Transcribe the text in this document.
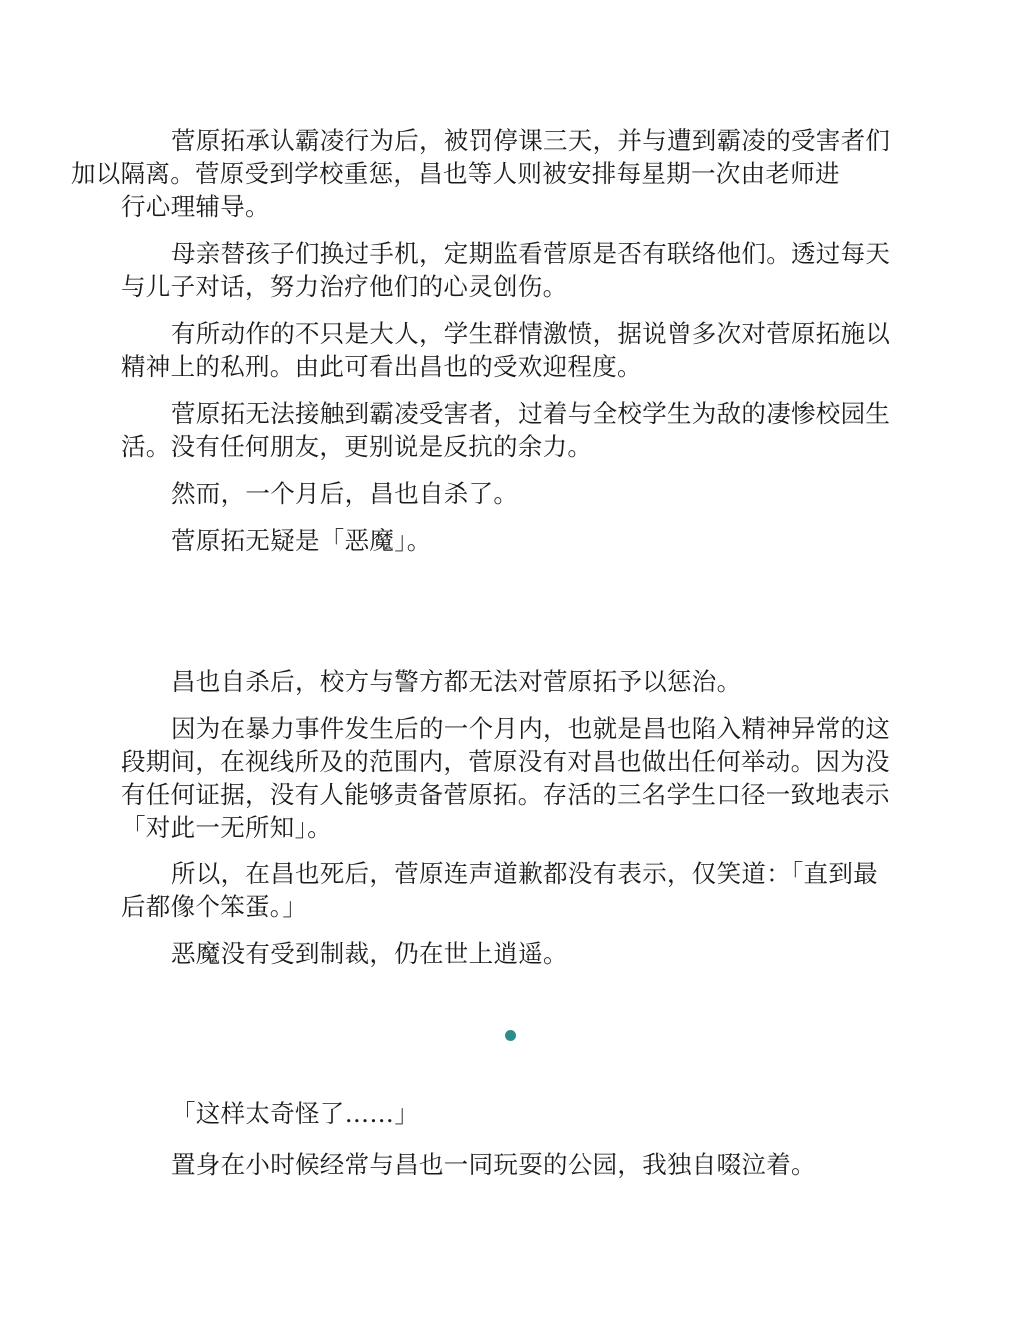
菅原拓承认霸凌行为后，被罚停课三天，并与遭到霸凌的受害者们
加以隔离。菅原受到学校重惩，昌也等人则被安排每星期一次由老师进
行心理辅导。

母亲替孩子们换过手机，定期监看菅原是否有联络他们。透过每天
与儿子对话，努力治疗他们的心灵创伤。

有所动作的不只是大人，学生群情激愤，据说曾多次对菅原拓施以
精神上的私刑。由此可看出昌也的受欢迎程度。

菅原拓无法接触到霸凌受害者，过着与全校学生为敌的凄惨校园生
活。没有任何朋友，更别说是反抗的余力。

然而，一个月后，昌也自杀了。

菅原拓无疑是「恶魔」。

昌也自杀后，校方与警方都无法对菅原拓予以惩治。

因为在暴力事件发生后的一个月内，也就是昌也陷入精神异常的这
段期间，在视线所及的范围内，菅原没有对昌也做出任何举动。因为没
有任何证据，没有人能够责备菅原拓。存活的三名学生口径一致地表示
「对此一无所知」。

所以，在昌也死后，菅原连声道歉都没有表示，仅笑道：「直到最
后都像个笨蛋。」

恶魔没有受到制裁，仍在世上逍遥。

「这样太奇怪了……」

置身在小时候经常与昌也一同玩耍的公园，我独自啜泣着。
